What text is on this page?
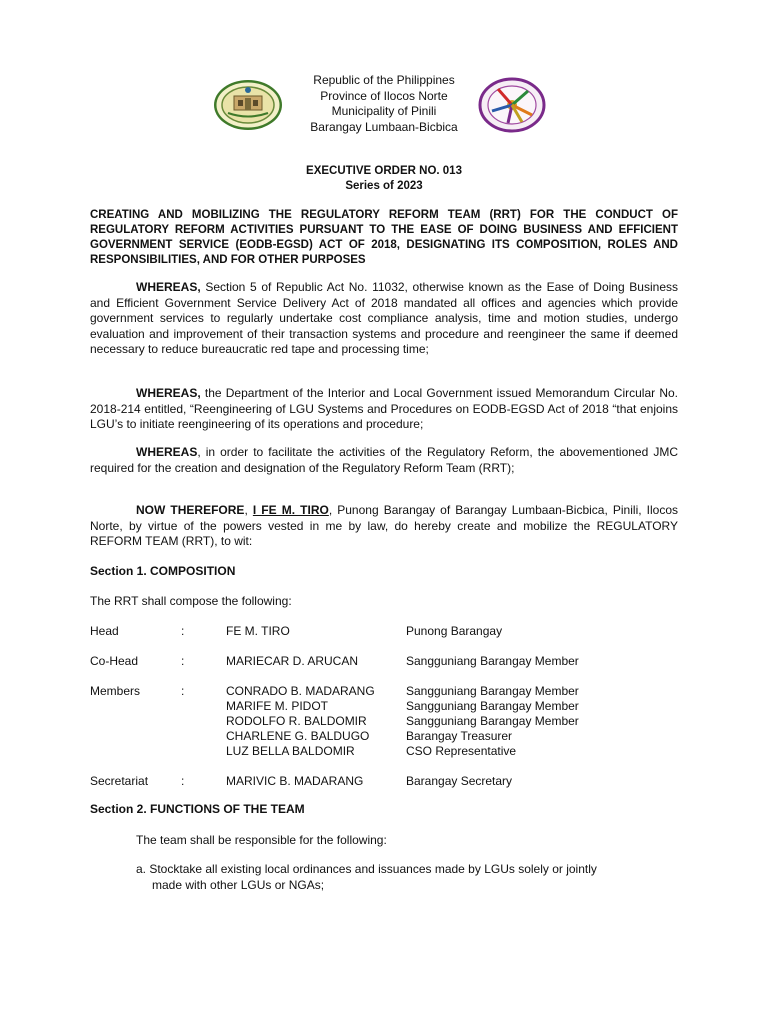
Republic of the Philippines
Province of Ilocos Norte
Municipality of Pinili
Barangay Lumbaan-Bicbica
EXECUTIVE ORDER NO. 013
Series of 2023
CREATING AND MOBILIZING THE REGULATORY REFORM TEAM (RRT) FOR THE CONDUCT OF REGULATORY REFORM ACTIVITIES PURSUANT TO THE EASE OF DOING BUSINESS AND EFFICIENT GOVERNMENT SERVICE (EODB-EGSD) ACT OF 2018, DESIGNATING ITS COMPOSITION, ROLES AND RESPONSIBILITIES, AND FOR OTHER PURPOSES
WHEREAS, Section 5 of Republic Act No. 11032, otherwise known as the Ease of Doing Business and Efficient Government Service Delivery Act of 2018 mandated all offices and agencies which provide government services to regularly undertake cost compliance analysis, time and motion studies, undergo evaluation and improvement of their transaction systems and procedure and reengineer the same if deemed necessary to reduce bureaucratic red tape and processing time;
WHEREAS, the Department of the Interior and Local Government issued Memorandum Circular No. 2018-214 entitled, “Reengineering of LGU Systems and Procedures on EODB-EGSD Act of 2018 “that enjoins LGU’s to initiate reengineering of its operations and procedure;
WHEREAS, in order to facilitate the activities of the Regulatory Reform, the abovementioned JMC required for the creation and designation of the Regulatory Reform Team (RRT);
NOW THEREFORE, I FE M. TIRO, Punong Barangay of Barangay Lumbaan-Bicbica, Pinili, Ilocos Norte, by virtue of the powers vested in me by law, do hereby create and mobilize the REGULATORY REFORM TEAM (RRT), to wit:
Section 1. COMPOSITION
The RRT shall compose the following:
Head	:	FE M. TIRO	Punong Barangay
Co-Head	:	MARIECAR D. ARUCAN	Sangguniang Barangay Member
Members	:	CONRADO B. MADARANG	Sangguniang Barangay Member
MARIFE M. PIDOT	Sangguniang Barangay Member
RODOLFO R. BALDOMIR	Sangguniang Barangay Member
CHARLENE G. BALDUGO	Barangay Treasurer
LUZ BELLA BALDOMIR	CSO Representative
Secretariat	:	MARIVIC B. MADARANG	Barangay Secretary
Section 2. FUNCTIONS OF THE TEAM
The team shall be responsible for the following:
a. Stocktake all existing local ordinances and issuances made by LGUs solely or jointly
made with other LGUs or NGAs;
